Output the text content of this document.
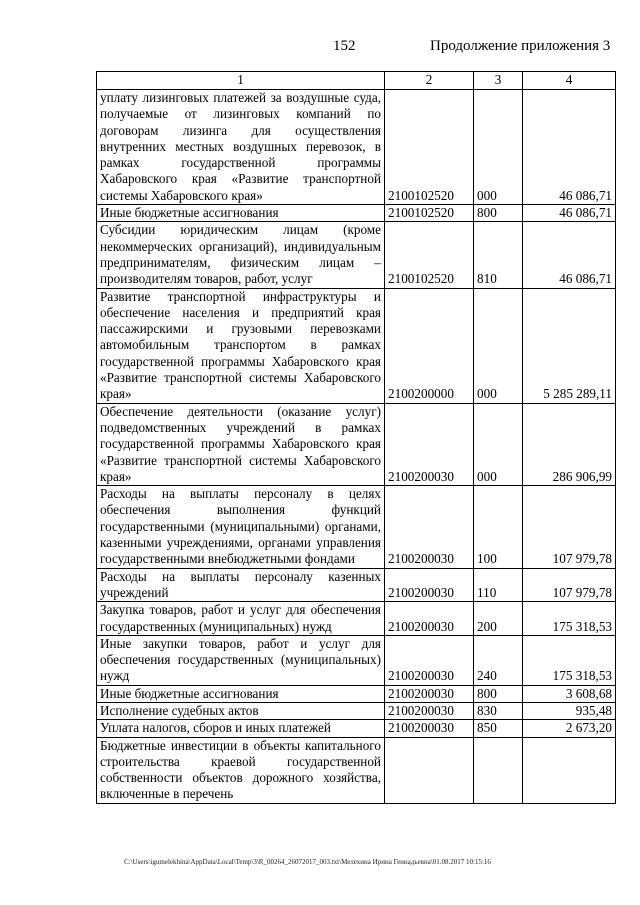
152	Продолжение приложения 3
1	2	3	4
уплату лизинговых платежей за воздушные суда, получаемые от лизинговых компаний по договорам лизинга для осуществления внутренних местных воздушных перевозок, в рамках государственной программы Хабаровского края «Развитие транспортной системы Хабаровского края»	2100102520	000	46 086,71
Иные бюджетные ассигнования	2100102520	800	46 086,71
Субсидии юридическим лицам (кроме некоммерческих организаций), индивидуальным предпринимателям, физическим лицам – производителям товаров, работ, услуг	2100102520	810	46 086,71
Развитие транспортной инфраструктуры и обеспечение населения и предприятий края пассажирскими и грузовыми перевозками автомобильным транспортом в рамках государственной программы Хабаровского края «Развитие транспортной системы Хабаровского края»	2100200000	000	5 285 289,11
Обеспечение деятельности (оказание услуг) подведомственных учреждений в рамках государственной программы Хабаровского края «Развитие транспортной системы Хабаровского края»	2100200030	000	286 906,99
Расходы на выплаты персоналу в целях обеспечения выполнения функций государственными (муниципальными) органами, казенными учреждениями, органами управления государственными внебюджетными фондами	2100200030	100	107 979,78
Расходы на выплаты персоналу казенных учреждений	2100200030	110	107 979,78
Закупка товаров, работ и услуг для обеспечения государственных (муниципальных) нужд	2100200030	200	175 318,53
Иные закупки товаров, работ и услуг для обеспечения государственных (муниципальных) нужд	2100200030	240	175 318,53
Иные бюджетные ассигнования	2100200030	800	3 608,68
Исполнение судебных актов	2100200030	830	935,48
Уплата налогов, сборов и иных платежей	2100200030	850	2 673,20
Бюджетные инвестиции в объекты капитального строительства краевой государственной собственности объектов дорожного хозяйства, включенные в перечень			
C:\Users\igumelekhina\AppData\Local\Temp\3\R_00264_26072017_003.txt\Мелехина Ирина Геннадьевна\01.08.2017 10:15:16
